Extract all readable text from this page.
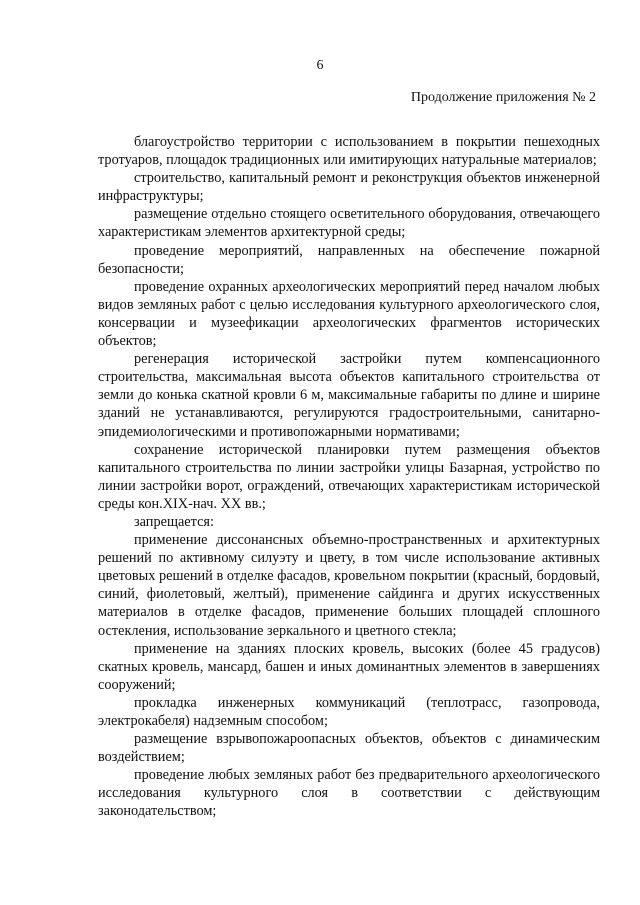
6
Продолжение приложения № 2

благоустройство территории с использованием в покрытии пешеходных тротуаров, площадок традиционных или имитирующих натуральные материалов;

строительство, капитальный ремонт и реконструкция объектов инженерной инфраструктуры;

размещение отдельно стоящего осветительного оборудования, отвечающего характеристикам элементов архитектурной среды;

проведение мероприятий, направленных на обеспечение пожарной безопасности;

проведение охранных археологических мероприятий перед началом любых видов земляных работ с целью исследования культурного археологического слоя, консервации и музеефикации археологических фрагментов исторических объектов;

регенерация исторической застройки путем компенсационного строительства, максимальная высота объектов капитального строительства от земли до конька скатной кровли 6 м, максимальные габариты по длине и ширине зданий не устанавливаются, регулируются градостроительными, санитарно-эпидемиологическими и противопожарными нормативами;

сохранение исторической планировки путем размещения объектов капитального строительства по линии застройки улицы Базарная, устройство по линии застройки ворот, ограждений, отвечающих характеристикам исторической среды кон.XIX-нач. XX вв.;

запрещается:

применение диссонансных объемно-пространственных и архитектурных решений по активному силуэту и цвету, в том числе использование активных цветовых решений в отделке фасадов, кровельном покрытии (красный, бордовый, синий, фиолетовый, желтый), применение сайдинга и других искусственных материалов в отделке фасадов, применение больших площадей сплошного остекления, использование зеркального и цветного стекла;

применение на зданиях плоских кровель, высоких (более 45 градусов) скатных кровель, мансард, башен и иных доминантных элементов в завершениях сооружений;

прокладка инженерных коммуникаций (теплотрасс, газопровода, электрокабеля) надземным способом;

размещение взрывопожароопасных объектов, объектов с динамическим воздействием;

проведение любых земляных работ без предварительного археологического исследования культурного слоя в соответствии с действующим законодательством;
